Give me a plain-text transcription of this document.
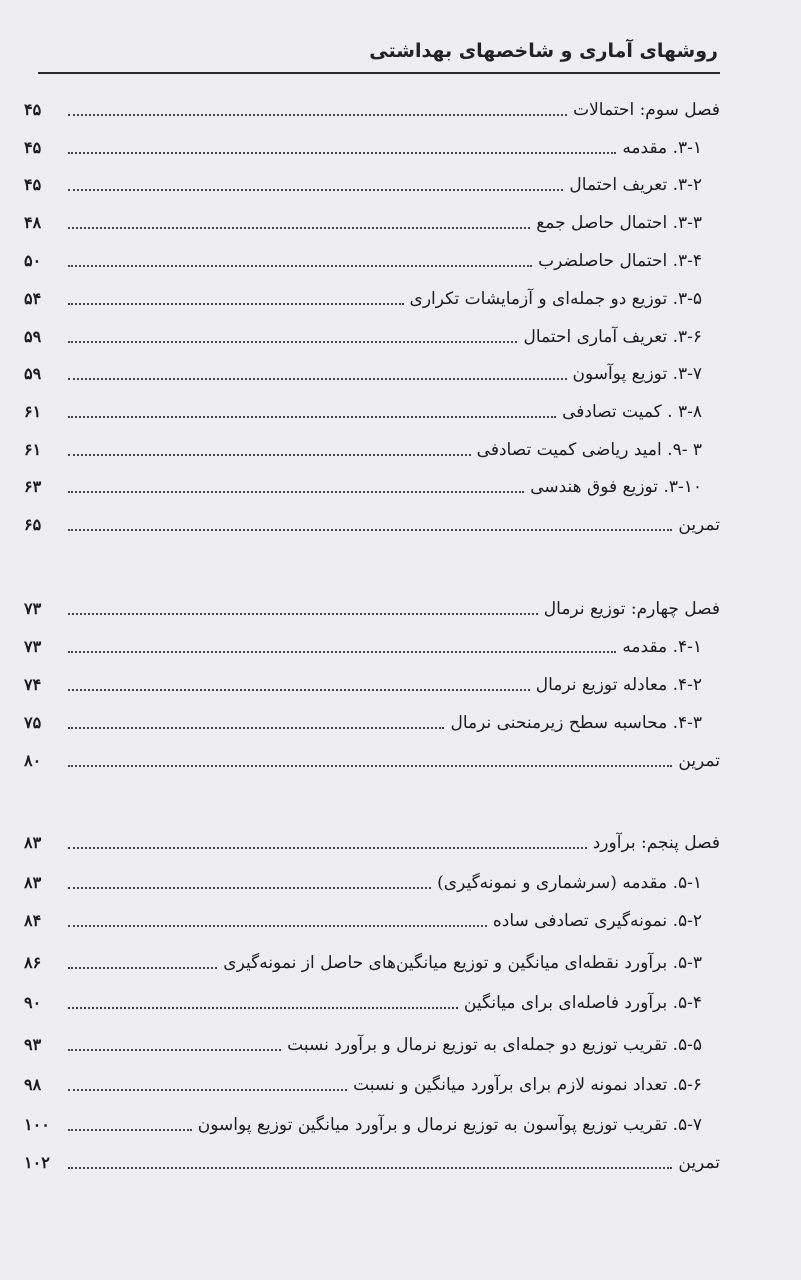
روشهای آماری و شاخصهای بهداشتی
فصل سوم: احتمالات
۴۵
۳-۱. مقدمه
۴۵
۳-۲. تعریف احتمال
۴۵
۳-۳. احتمال حاصل جمع
۴۸
۳-۴. احتمال حاصلضرب
۵۰
۳-۵. توزیع دو جمله‌ای و آزمایشات تکراری
۵۴
۳-۶. تعریف آماری احتمال
۵۹
۳-۷. توزیع پوآسون
۵۹
۳-۸ . کمیت تصادفی
۶۱
۳ -۹. امید ریاضی کمیت تصادفی
۶۱
۳-۱۰. توزیع فوق هندسی
۶۳
تمرین
۶۵
فصل چهارم: توزیع نرمال
۷۳
۴-۱. مقدمه
۷۳
۴-۲. معادله توزیع نرمال
۷۴
۴-۳. محاسبه سطح زیرمنحنی نرمال
۷۵
تمرین
۸۰
فصل پنجم: برآورد
۸۳
۵-۱. مقدمه (سرشماری و نمونه‌گیری)
۸۳
۵-۲. نمونه‌گیری تصادفی ساده
۸۴
۵-۳. برآورد نقطه‌ای میانگین و توزیع میانگین‌های حاصل از نمونه‌گیری
۸۶
۵-۴. برآورد فاصله‌ای برای میانگین
۹۰
۵-۵. تقریب توزیع دو جمله‌ای به توزیع نرمال و برآورد نسبت
۹۳
۵-۶. تعداد نمونه لازم برای برآورد میانگین و نسبت
۹۸
۵-۷. تقریب توزیع پوآسون به توزیع نرمال و برآورد میانگین توزیع پواسون
۱۰۰
تمرین
۱۰۲
